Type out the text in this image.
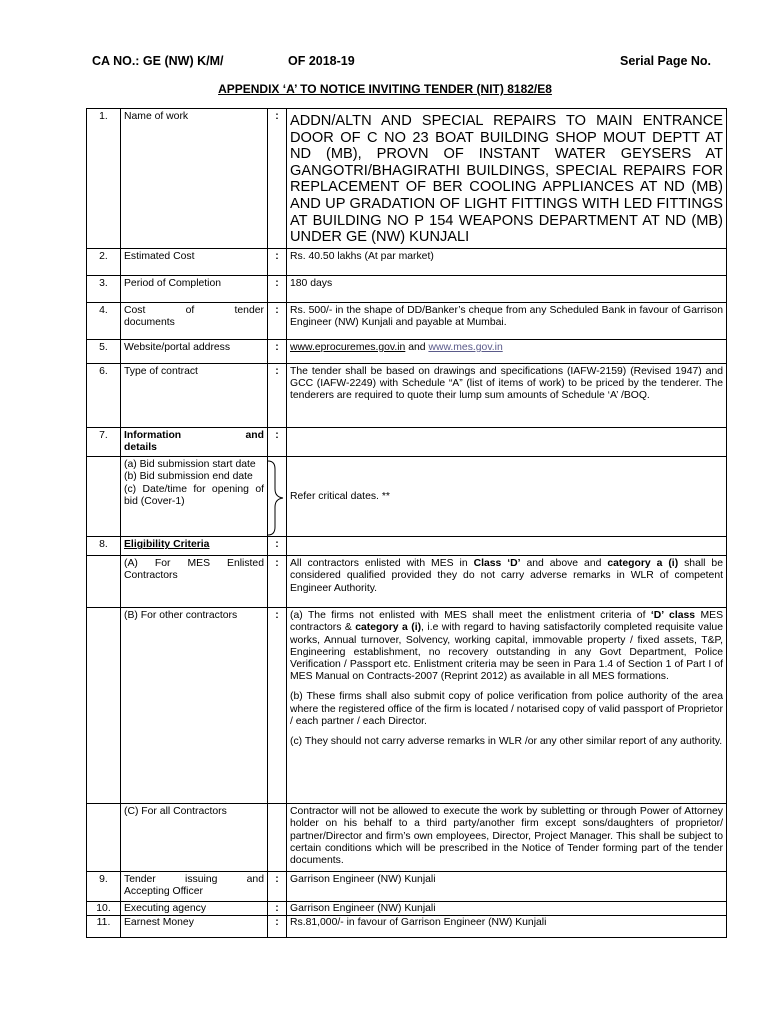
CA NO.: GE (NW) K/M/	OF 2018-19	Serial Page No.
APPENDIX ‘A’ TO NOTICE INVITING TENDER (NIT) 8182/E8
1.	Name of work	:	ADDN/ALTN AND SPECIAL REPAIRS TO MAIN ENTRANCE DOOR OF C NO 23 BOAT BUILDING SHOP MOUT DEPTT AT ND (MB), PROVN OF INSTANT WATER GEYSERS AT GANGOTRI/BHAGIRATHI BUILDINGS, SPECIAL REPAIRS FOR REPLACEMENT OF BER COOLING APPLIANCES AT ND (MB) AND UP GRADATION OF LIGHT FITTINGS WITH LED FITTINGS AT BUILDING NO P 154 WEAPONS DEPARTMENT AT ND (MB) UNDER GE (NW) KUNJALI
2.	Estimated Cost	:	Rs. 40.50 lakhs (At par market)
3.	Period of Completion	:	180 days
4.	Cost of tender
documents	:	Rs. 500/- in the shape of DD/Banker’s cheque from any Scheduled Bank in favour of Garrison Engineer (NW) Kunjali and payable at Mumbai.
5.	Website/portal address	:	www.eprocuremes.gov.in and www.mes.gov.in
6.	Type of contract	:	The tender shall be based on drawings and specifications (IAFW-2159) (Revised 1947) and GCC (IAFW-2249) with Schedule “A” (list of items of work) to be priced by the tenderer. The tenderers are required to quote their lump sum amounts of Schedule ‘A’ /BOQ.
7.	Information and
details	:	

	(a) Bid submission start date
(b) Bid submission end date
(c) Date/time for opening of bid (Cover-1)		Refer critical dates. **
8.	Eligibility Criteria	:	
	(A) For MES Enlisted Contractors	:	All contractors enlisted with MES in Class ‘D’ and above and category a (i) shall be considered qualified provided they do not carry adverse remarks in WLR of competent Engineer Authority.
	(B) For other contractors	:	(a) The firms not enlisted with MES shall meet the enlistment criteria of ‘D’ class MES contractors & category a (i), i.e with regard to having satisfactorily completed requisite value works, Annual turnover, Solvency, working capital, immovable property / fixed assets, T&P, Engineering establishment, no recovery outstanding in any Govt Department, Police Verification / Passport etc. Enlistment criteria may be seen in Para 1.4 of Section 1 of Part I of MES Manual on Contracts-2007 (Reprint 2012) as available in all MES formations.
(b) These firms shall also submit copy of police verification from police authority of the area where the registered office of the firm is located / notarised copy of valid passport of Proprietor / each partner / each Director.
(c) They should not carry adverse remarks in WLR /or any other similar report of any authority.

	(C) For all Contractors		Contractor will not be allowed to execute the work by subletting or through Power of Attorney holder on his behalf to a third party/another firm except sons/daughters of proprietor/ partner/Director and firm’s own employees, Director, Project Manager. This shall be subject to certain conditions which will be prescribed in the Notice of Tender forming part of the tender documents.
9.	Tender issuing and
Accepting Officer	:	Garrison Engineer (NW) Kunjali
10.	Executing agency	:	Garrison Engineer (NW) Kunjali
11.	Earnest Money	:	Rs.81,000/- in favour of Garrison Engineer (NW) Kunjali
